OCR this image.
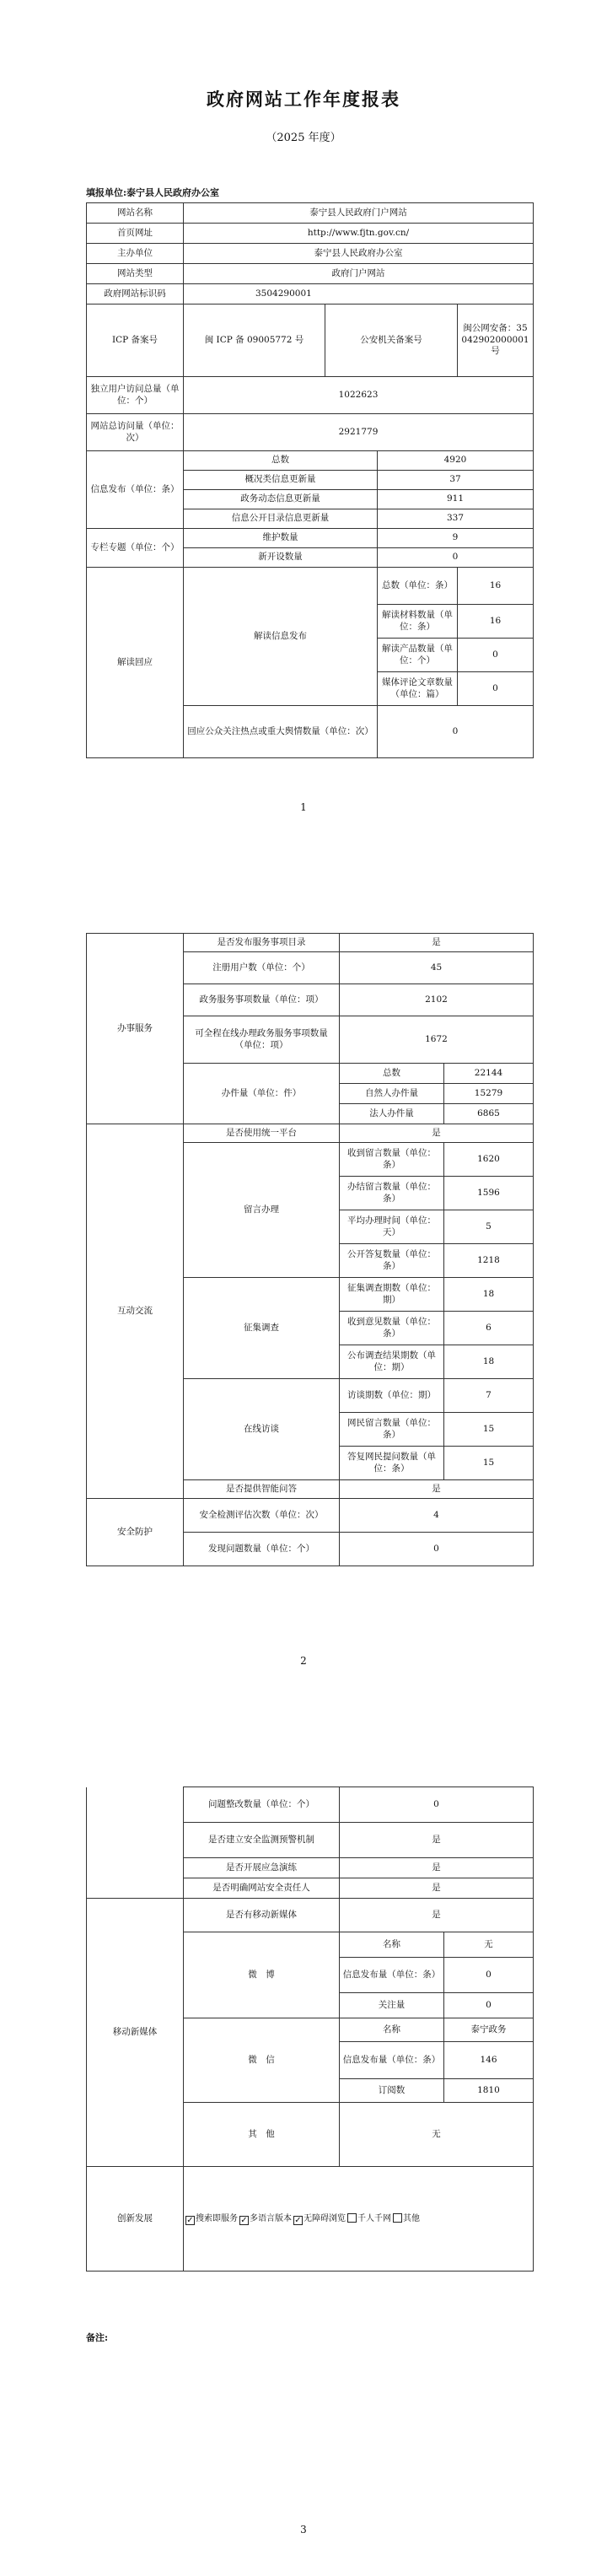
政府网站工作年度报表
（2025 年度）
填报单位:泰宁县人民政府办公室
网站名称	泰宁县人民政府门户网站			
首页网址	http://www.fjtn.gov.cn/			
主办单位	泰宁县人民政府办公室			
网站类型	政府门户网站			
政府网站标识码	3504290001			
ICP 备案号	闽 ICP 备 09005772 号	公安机关备案号		闽公网安备：35042902000001 号
独立用户访问总量（单位：个）	1022623			
网站总访问量（单位：次）	2921779			
信息发布（单位：条）	总数		4920	
	概况类信息更新量		37	
	政务动态信息更新量		911	
	信息公开目录信息更新量		337	
专栏专题（单位：个）	维护数量		9	
	新开设数量		0	
解读回应	解读信息发布		总数（单位：条）	16
			解读材料数量（单位：条）	16
			解读产品数量（单位：个）	0
			媒体评论文章数量（单位：篇）	0
	回应公众关注热点或重大舆情数量（单位：次）		0	
1
办事服务	是否发布服务事项目录	是	
	注册用户数（单位：个）	45	
	政务服务事项数量（单位：项）	2102	
	可全程在线办理政务服务事项数量（单位：项）	1672	
	办件量（单位：件）	总数	22144
		自然人办件量	15279
		法人办件量	6865
互动交流	是否使用统一平台	是	
	留言办理	收到留言数量（单位：条）	1620
		办结留言数量（单位：条）	1596
		平均办理时间（单位：天）	5
		公开答复数量（单位：条）	1218
	征集调查	征集调查期数（单位：期）	18
		收到意见数量（单位：条）	6
		公布调查结果期数（单位：期）	18
	在线访谈	访谈期数（单位：期）	7
		网民留言数量（单位：条）	15
		答复网民提问数量（单位：条）	15
	是否提供智能问答	是	
安全防护	安全检测评估次数（单位：次）	4	
	发现问题数量（单位：个）	0	
2
	问题整改数量（单位：个）	0	
	是否建立安全监测预警机制	是	
	是否开展应急演练	是	
	是否明确网站安全责任人	是	
移动新媒体	是否有移动新媒体	是	
	微　博	名称	无
		信息发布量（单位：条）	0
		关注量	0
	微　信	名称	泰宁政务
		信息发布量（单位：条）	146
		订阅数	1810
	其　他	无	
创新发展	✓ 搜索即服务 ✓ 多语言版本 ✓ 无障碍浏览 千人千网 其他		
备注:
3
